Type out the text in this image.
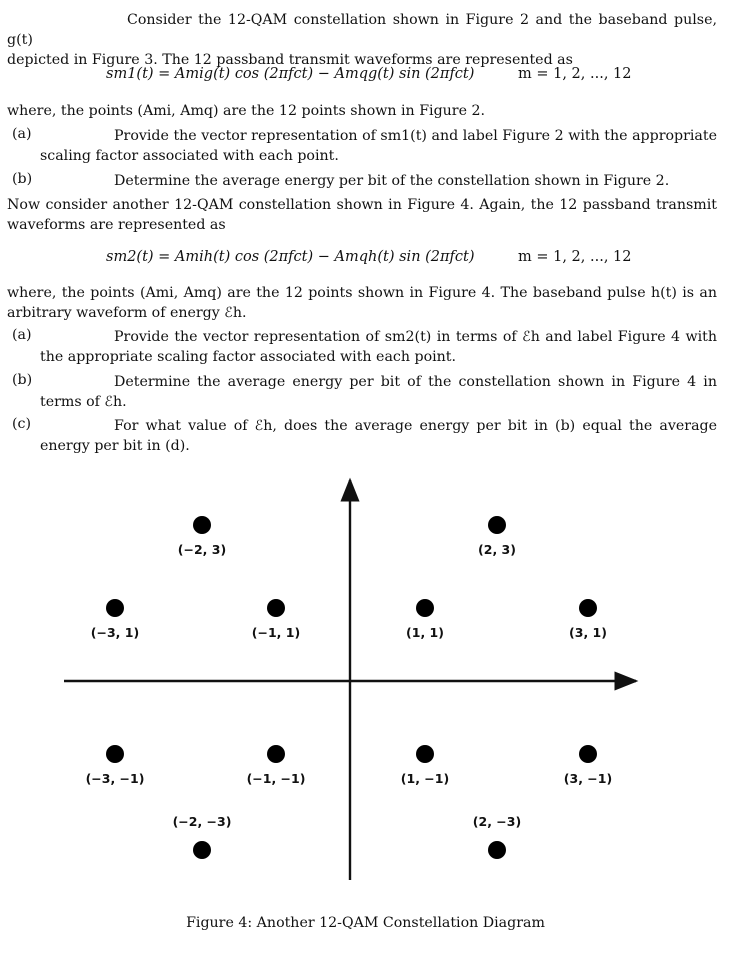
Consider the 12-QAM constellation shown in Figure 2 and the baseband pulse, g(t)
depicted in Figure 3. The 12 passband transmit waveforms are represented as
sm1(t) = Amig(t) cos (2πfct) − Amqg(t) sin (2πfct)	m = 1, 2, ..., 12
where, the points (Ami, Amq) are the 12 points shown in Figure 2.
(a)	Provide the vector representation of sm1(t) and label Figure 2 with the appropriate scaling factor associated with each point.
(b)	Determine the average energy per bit of the constellation shown in Figure 2.
Now consider another 12-QAM constellation shown in Figure 4. Again, the 12 passband transmit waveforms are represented as
sm2(t) = Amih(t) cos (2πfct) − Amqh(t) sin (2πfct)	m = 1, 2, ..., 12
where, the points (Ami, Amq) are the 12 points shown in Figure 4. The baseband pulse h(t) is an arbitrary waveform of energy ℰh.
(a)	Provide the vector representation of sm2(t) in terms of ℰh and label Figure 4 with the appropriate scaling factor associated with each point.
(b)	Determine the average energy per bit of the constellation shown in Figure 4 in terms of ℰh.
(c)	For what value of ℰh, does the average energy per bit in (b) equal the average energy per bit in (d).
(−2, 3)	(2, 3)
(−3, 1)	(−1, 1)	(1, 1)	(3, 1)
(−3, −1)	(−1, −1)	(1, −1)	(3, −1)
(−2, −3)	(2, −3)
Figure 4: Another 12-QAM Constellation Diagram
